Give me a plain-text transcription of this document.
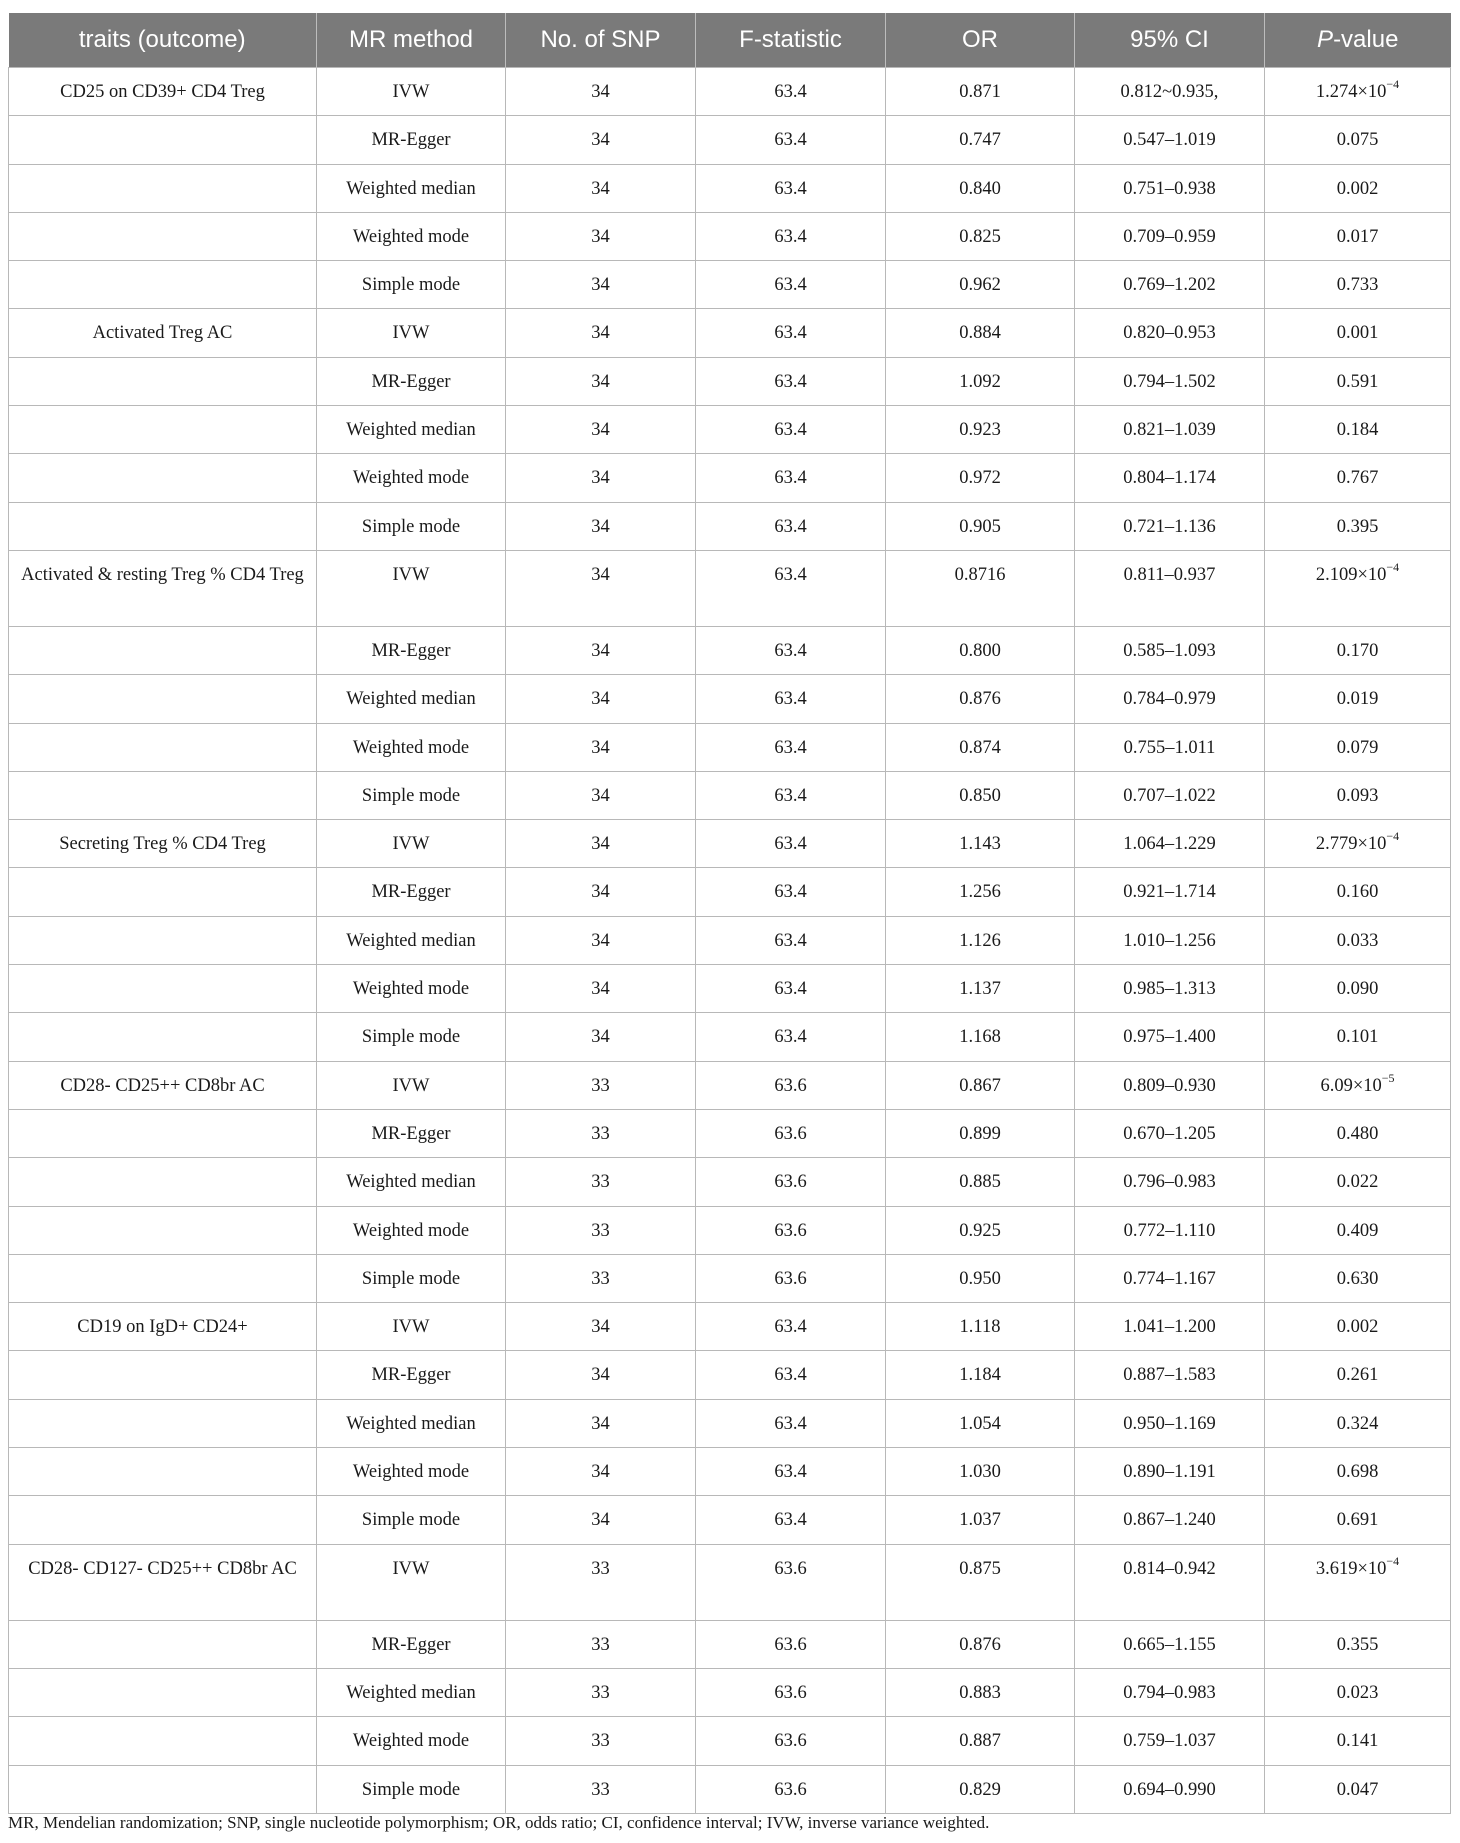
traits (outcome)	MR method	No. of SNP	F-statistic	OR	95% CI	P-value
CD25 on CD39+ CD4 Treg	IVW	34	63.4	0.871	0.812~0.935,	$1.274\times 10^{-4}$
	MR-Egger	34	63.4	0.747	0.547–1.019	0.075
	Weighted median	34	63.4	0.840	0.751–0.938	0.002
	Weighted mode	34	63.4	0.825	0.709–0.959	0.017
	Simple mode	34	63.4	0.962	0.769–1.202	0.733
Activated Treg AC	IVW	34	63.4	0.884	0.820–0.953	0.001
	MR-Egger	34	63.4	1.092	0.794–1.502	0.591
	Weighted median	34	63.4	0.923	0.821–1.039	0.184
	Weighted mode	34	63.4	0.972	0.804–1.174	0.767
	Simple mode	34	63.4	0.905	0.721–1.136	0.395
Activated & resting Treg % CD4 Treg	IVW	34	63.4	0.8716	0.811–0.937	$2.109\times 10^{-4}$
	MR-Egger	34	63.4	0.800	0.585–1.093	0.170
	Weighted median	34	63.4	0.876	0.784–0.979	0.019
	Weighted mode	34	63.4	0.874	0.755–1.011	0.079
	Simple mode	34	63.4	0.850	0.707–1.022	0.093
Secreting Treg % CD4 Treg	IVW	34	63.4	1.143	1.064–1.229	$2.779\times 10^{-4}$
	MR-Egger	34	63.4	1.256	0.921–1.714	0.160
	Weighted median	34	63.4	1.126	1.010–1.256	0.033
	Weighted mode	34	63.4	1.137	0.985–1.313	0.090
	Simple mode	34	63.4	1.168	0.975–1.400	0.101
CD28- CD25++ CD8br AC	IVW	33	63.6	0.867	0.809–0.930	$6.09\times 10^{-5}$
	MR-Egger	33	63.6	0.899	0.670–1.205	0.480
	Weighted median	33	63.6	0.885	0.796–0.983	0.022
	Weighted mode	33	63.6	0.925	0.772–1.110	0.409
	Simple mode	33	63.6	0.950	0.774–1.167	0.630
CD19 on IgD+ CD24+	IVW	34	63.4	1.118	1.041–1.200	0.002
	MR-Egger	34	63.4	1.184	0.887–1.583	0.261
	Weighted median	34	63.4	1.054	0.950–1.169	0.324
	Weighted mode	34	63.4	1.030	0.890–1.191	0.698
	Simple mode	34	63.4	1.037	0.867–1.240	0.691
CD28- CD127- CD25++ CD8br AC	IVW	33	63.6	0.875	0.814–0.942	$3.619\times 10^{-4}$
	MR-Egger	33	63.6	0.876	0.665–1.155	0.355
	Weighted median	33	63.6	0.883	0.794–0.983	0.023
	Weighted mode	33	63.6	0.887	0.759–1.037	0.141
	Simple mode	33	63.6	0.829	0.694–0.990	0.047
MR, Mendelian randomization; SNP, single nucleotide polymorphism; OR, odds ratio; CI, confidence interval; IVW, inverse variance weighted.
